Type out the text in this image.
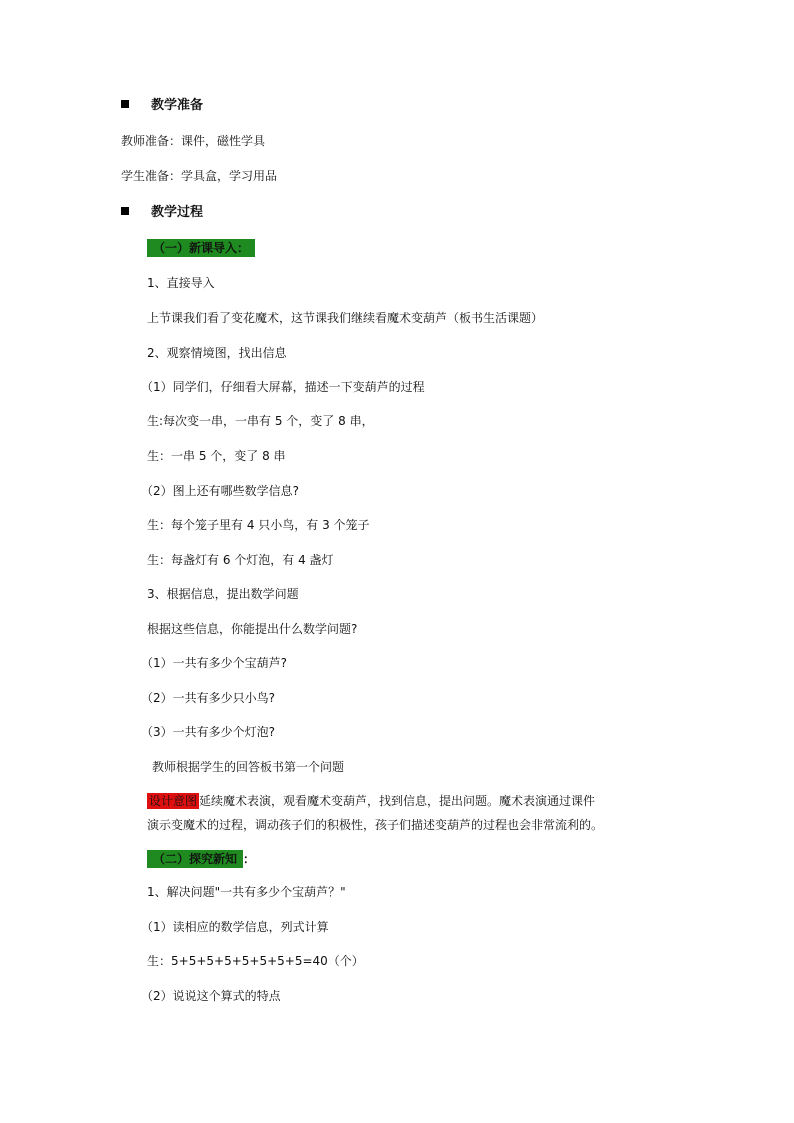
教学准备
教师准备：课件，磁性学具
学生准备：学具盒，学习用品
教学过程
（一）新课导入：
1、直接导入
上节课我们看了变花魔术，这节课我们继续看魔术变葫芦（板书生活课题）
2、观察情境图，找出信息
（1）同学们，仔细看大屏幕，描述一下变葫芦的过程
生:每次变一串，一串有 5 个，变了 8 串，
生：一串 5 个，变了 8 串
（2）图上还有哪些数学信息?
生：每个笼子里有 4 只小鸟，有 3 个笼子
生：每盏灯有 6 个灯泡，有 4 盏灯
3、根据信息，提出数学问题
根据这些信息，你能提出什么数学问题?
（1）一共有多少个宝葫芦?
（2）一共有多少只小鸟?
（3）一共有多少个灯泡?
教师根据学生的回答板书第一个问题
设计意图 延续魔术表演，观看魔术变葫芦，找到信息，提出问题。魔术表演通过课件
演示变魔术的过程，调动孩子们的积极性，孩子们描述变葫芦的过程也会非常流利的。
（二）探究新知 ：
1、解决问题"一共有多少个宝葫芦？"
（1）读相应的数学信息，列式计算
生：5+5+5+5+5+5+5+5=40（个）
（2）说说这个算式的特点
